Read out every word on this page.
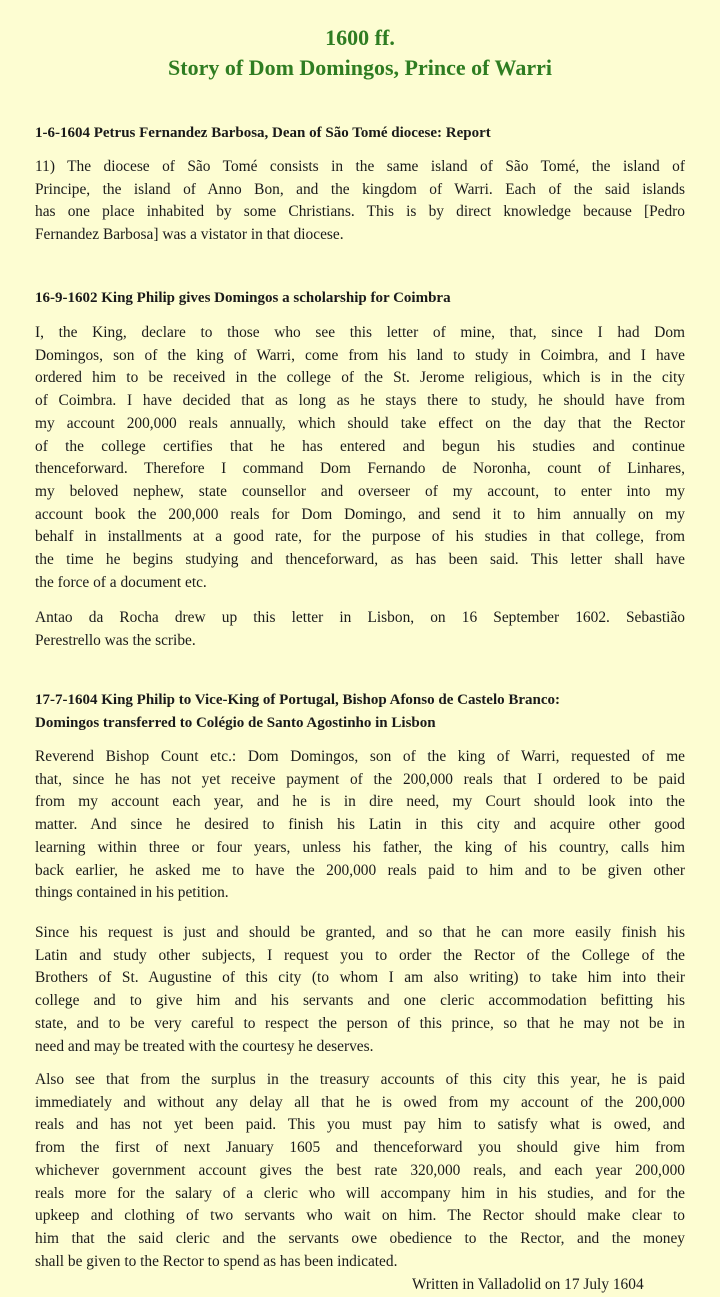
1600 ff.
Story of Dom Domingos, Prince of Warri
1-6-1604 Petrus Fernandez Barbosa, Dean of São Tomé diocese: Report
11) The diocese of São Tomé consists in the same island of São Tomé, the island of
Principe, the island of Anno Bon, and the kingdom of Warri. Each of the said islands
has one place inhabited by some Christians. This is by direct knowledge because [Pedro
Fernandez Barbosa] was a vistator in that diocese.
16-9-1602 King Philip gives Domingos a scholarship for Coimbra
I, the King, declare to those who see this letter of mine, that, since I had Dom
Domingos, son of the king of Warri, come from his land to study in Coimbra, and I have
ordered him to be received in the college of the St. Jerome religious, which is in the city
of Coimbra. I have decided that as long as he stays there to study, he should have from
my account 200,000 reals annually, which should take effect on the day that the Rector
of the college certifies that he has entered and begun his studies and continue
thenceforward. Therefore I command Dom Fernando de Noronha, count of Linhares,
my beloved nephew, state counsellor and overseer of my account, to enter into my
account book the 200,000 reals for Dom Domingo, and send it to him annually on my
behalf in installments at a good rate, for the purpose of his studies in that college, from
the time he begins studying and thenceforward, as has been said. This letter shall have
the force of a document etc.
Antao da Rocha drew up this letter in Lisbon, on 16 September 1602. Sebastião
Perestrello was the scribe.
17-7-1604 King Philip to Vice-King of Portugal, Bishop Afonso de Castelo Branco:
Domingos transferred to Colégio de Santo Agostinho in Lisbon
Reverend Bishop Count etc.: Dom Domingos, son of the king of Warri, requested of me
that, since he has not yet receive payment of the 200,000 reals that I ordered to be paid
from my account each year, and he is in dire need, my Court should look into the
matter. And since he desired to finish his Latin in this city and acquire other good
learning within three or four years, unless his father, the king of his country, calls him
back earlier, he asked me to have the 200,000 reals paid to him and to be given other
things contained in his petition.
Since his request is just and should be granted, and so that he can more easily finish his
Latin and study other subjects, I request you to order the Rector of the College of the
Brothers of St. Augustine of this city (to whom I am also writing) to take him into their
college and to give him and his servants and one cleric accommodation befitting his
state, and to be very careful to respect the person of this prince, so that he may not be in
need and may be treated with the courtesy he deserves.
Also see that from the surplus in the treasury accounts of this city this year, he is paid
immediately and without any delay all that he is owed from my account of the 200,000
reals and has not yet been paid. This you must pay him to satisfy what is owed, and
from the first of next January 1605 and thenceforward you should give him from
whichever government account gives the best rate 320,000 reals, and each year 200,000
reals more for the salary of a cleric who will accompany him in his studies, and for the
upkeep and clothing of two servants who wait on him. The Rector should make clear to
him that the said cleric and the servants owe obedience to the Rector, and the money
shall be given to the Rector to spend as has been indicated.
Written in Valladolid on 17 July 1604
